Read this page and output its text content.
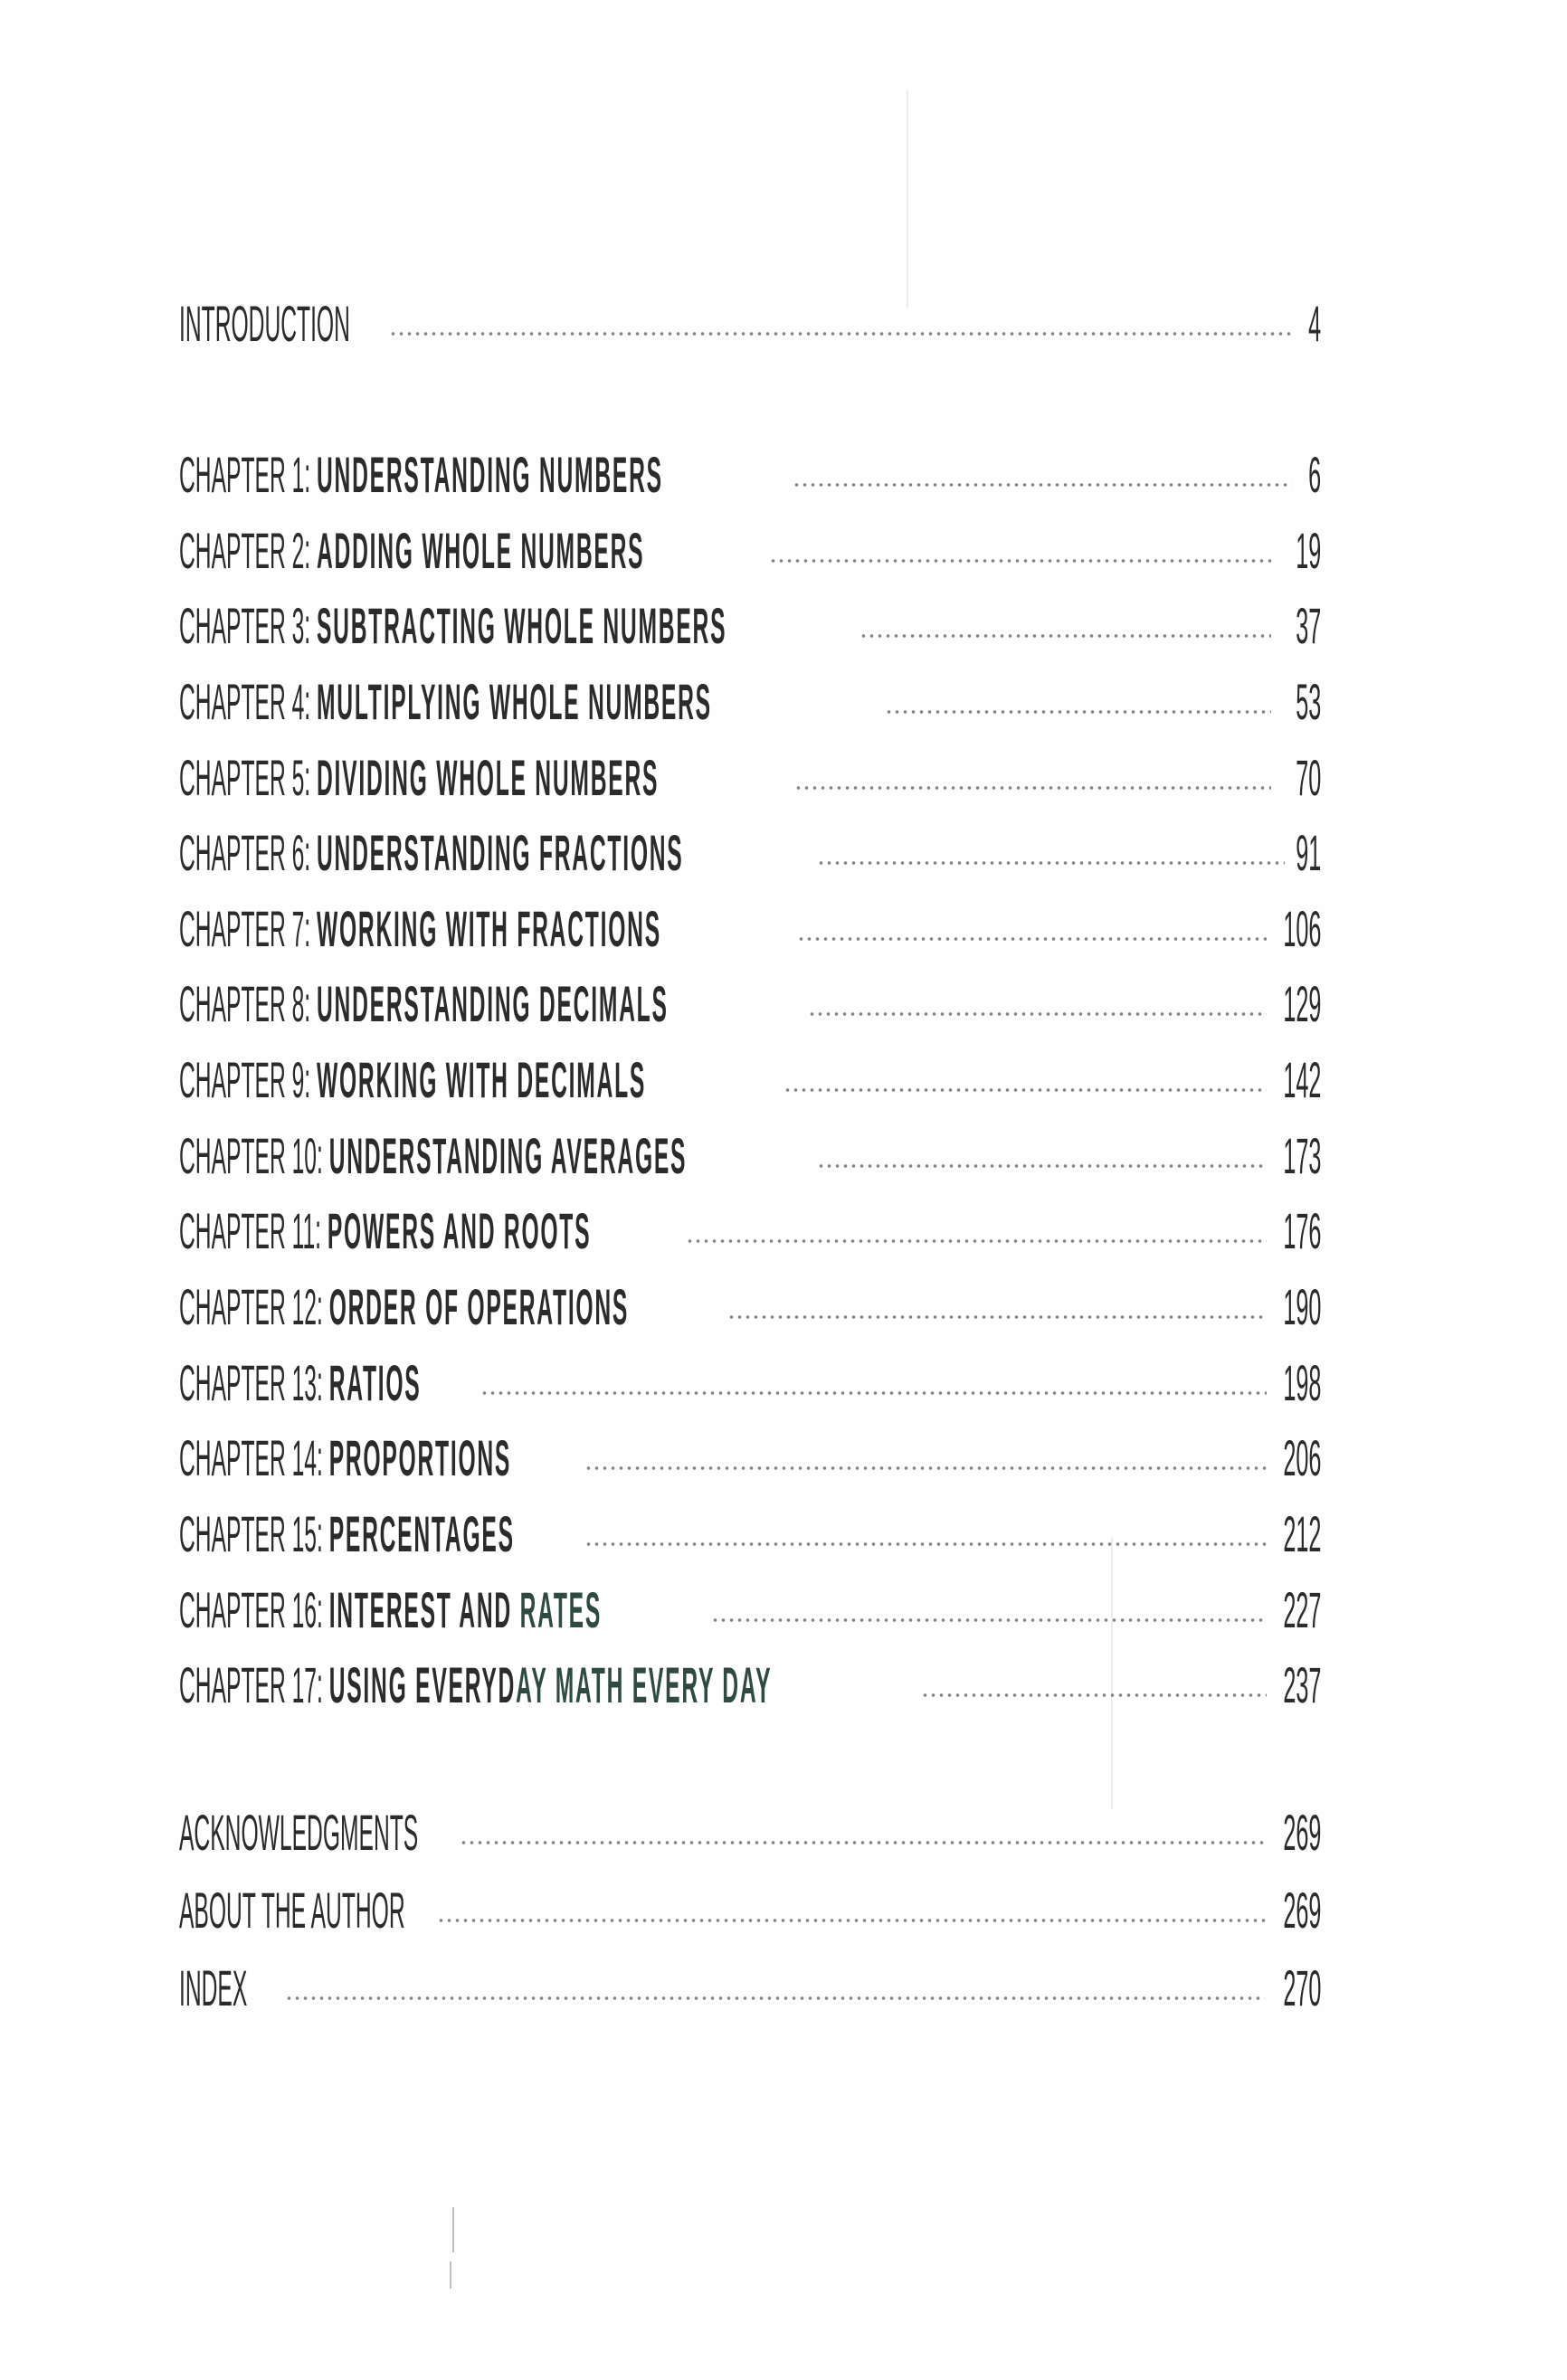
INTRODUCTION	4
CHAPTER 1: UNDERSTANDING NUMBERS	6
CHAPTER 2: ADDING WHOLE NUMBERS	19
CHAPTER 3: SUBTRACTING WHOLE NUMBERS	37
CHAPTER 4: MULTIPLYING WHOLE NUMBERS	53
CHAPTER 5: DIVIDING WHOLE NUMBERS	70
CHAPTER 6: UNDERSTANDING FRACTIONS	91
CHAPTER 7: WORKING WITH FRACTIONS	106
CHAPTER 8: UNDERSTANDING DECIMALS	129
CHAPTER 9: WORKING WITH DECIMALS	142
CHAPTER 10: UNDERSTANDING AVERAGES	173
CHAPTER 11: POWERS AND ROOTS	176
CHAPTER 12: ORDER OF OPERATIONS	190
CHAPTER 13: RATIOS	198
CHAPTER 14: PROPORTIONS	206
CHAPTER 15: PERCENTAGES	212
CHAPTER 16: INTEREST AND RATES	227
CHAPTER 17: USING EVERYDAY MATH EVERY DAY	237
ACKNOWLEDGMENTS	269
ABOUT THE AUTHOR	269
INDEX	270
